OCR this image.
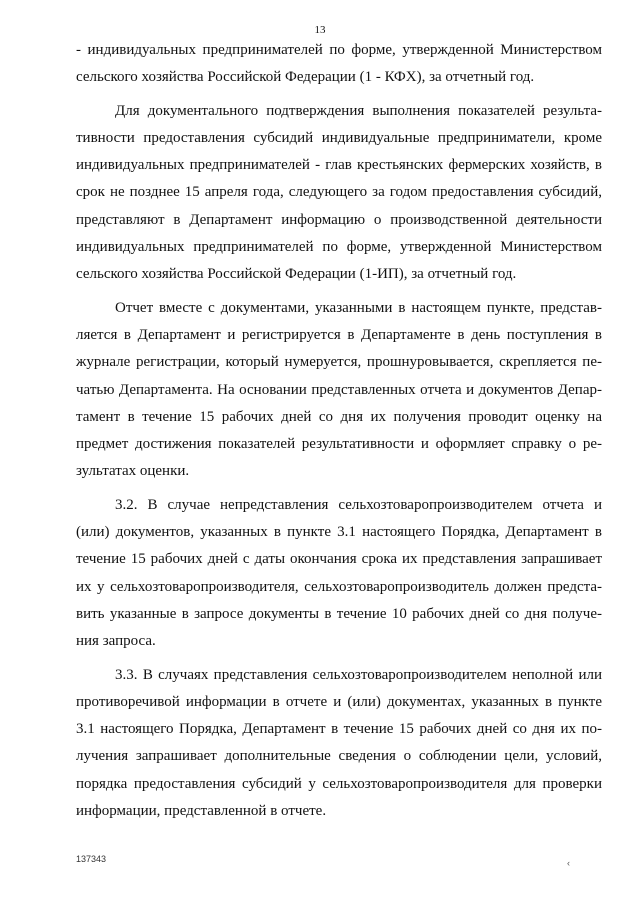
13
- индивидуальных предпринимателей по форме, утвержденной Министерством
сельского хозяйства Российской Федерации (1 - КФХ), за отчетный год.
Для документального подтверждения выполнения показателей результа-
тивности предоставления субсидий индивидуальные предприниматели, кроме
индивидуальных предпринимателей - глав крестьянских фермерских хозяйств, в
срок не позднее 15 апреля года, следующего за годом предоставления субсидий,
представляют в Департамент информацию о производственной деятельности
индивидуальных предпринимателей по форме, утвержденной Министерством
сельского хозяйства Российской Федерации (1-ИП), за отчетный год.
Отчет вместе с документами, указанными в настоящем пункте, представ-
ляется в Департамент и регистрируется в Департаменте в день поступления в
журнале регистрации, который нумеруется, прошнуровывается, скрепляется пе-
чатью Департамента. На основании представленных отчета и документов Депар-
тамент в течение 15 рабочих дней со дня их получения проводит оценку на
предмет достижения показателей результативности и оформляет справку о ре-
зультатах оценки.
3.2. В случае непредставления сельхозтоваропроизводителем отчета и
(или) документов, указанных в пункте 3.1 настоящего Порядка, Департамент в
течение 15 рабочих дней с даты окончания срока их представления запрашивает
их у сельхозтоваропроизводителя, сельхозтоваропроизводитель должен предста-
вить указанные в запросе документы в течение 10 рабочих дней со дня получе-
ния запроса.
3.3. В случаях представления сельхозтоваропроизводителем неполной или
противоречивой информации в отчете и (или) документах, указанных в пункте
3.1 настоящего Порядка, Департамент в течение 15 рабочих дней со дня их по-
лучения запрашивает дополнительные сведения о соблюдении цели, условий,
порядка предоставления субсидий у сельхозтоваропроизводителя для проверки
информации, представленной в отчете.
137343	‹
